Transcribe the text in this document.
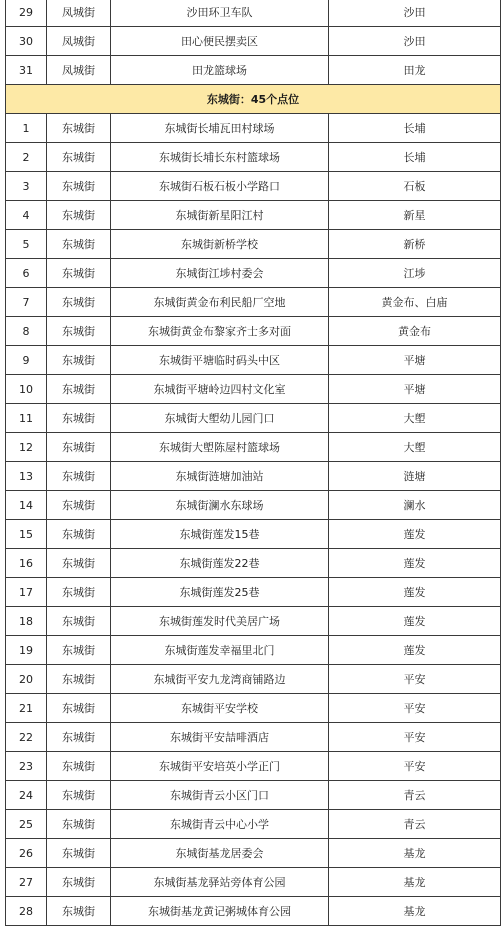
29	凤城街	沙田环卫车队	沙田
30	凤城街	田心便民摆卖区	沙田
31	凤城街	田龙篮球场	田龙
东城街：45个点位			
1	东城街	东城街长埔瓦田村球场	长埔
2	东城街	东城街长埔长东村篮球场	长埔
3	东城街	东城街石板石板小学路口	石板
4	东城街	东城街新星阳江村	新星
5	东城街	东城街新桥学校	新桥
6	东城街	东城街江埗村委会	江埗
7	东城街	东城街黄金布利民船厂空地	黄金布、白庙
8	东城街	东城街黄金布黎家齐士多对面	黄金布
9	东城街	东城街平塘临时码头中区	平塘
10	东城街	东城街平塘岭边四村文化室	平塘
11	东城街	东城街大塱幼儿园门口	大塱
12	东城街	东城街大塱陈屋村篮球场	大塱
13	东城街	东城街涟塘加油站	涟塘
14	东城街	东城街澜水东球场	澜水
15	东城街	东城街莲发15巷	莲发
16	东城街	东城街莲发22巷	莲发
17	东城街	东城街莲发25巷	莲发
18	东城街	东城街莲发时代美居广场	莲发
19	东城街	东城街莲发幸福里北门	莲发
20	东城街	东城街平安九龙湾商铺路边	平安
21	东城街	东城街平安学校	平安
22	东城街	东城街平安喆啡酒店	平安
23	东城街	东城街平安培英小学正门	平安
24	东城街	东城街青云小区门口	青云
25	东城街	东城街青云中心小学	青云
26	东城街	东城街基龙居委会	基龙
27	东城街	东城街基龙驿站旁体育公园	基龙
28	东城街	东城街基龙黄记粥城体育公园	基龙
